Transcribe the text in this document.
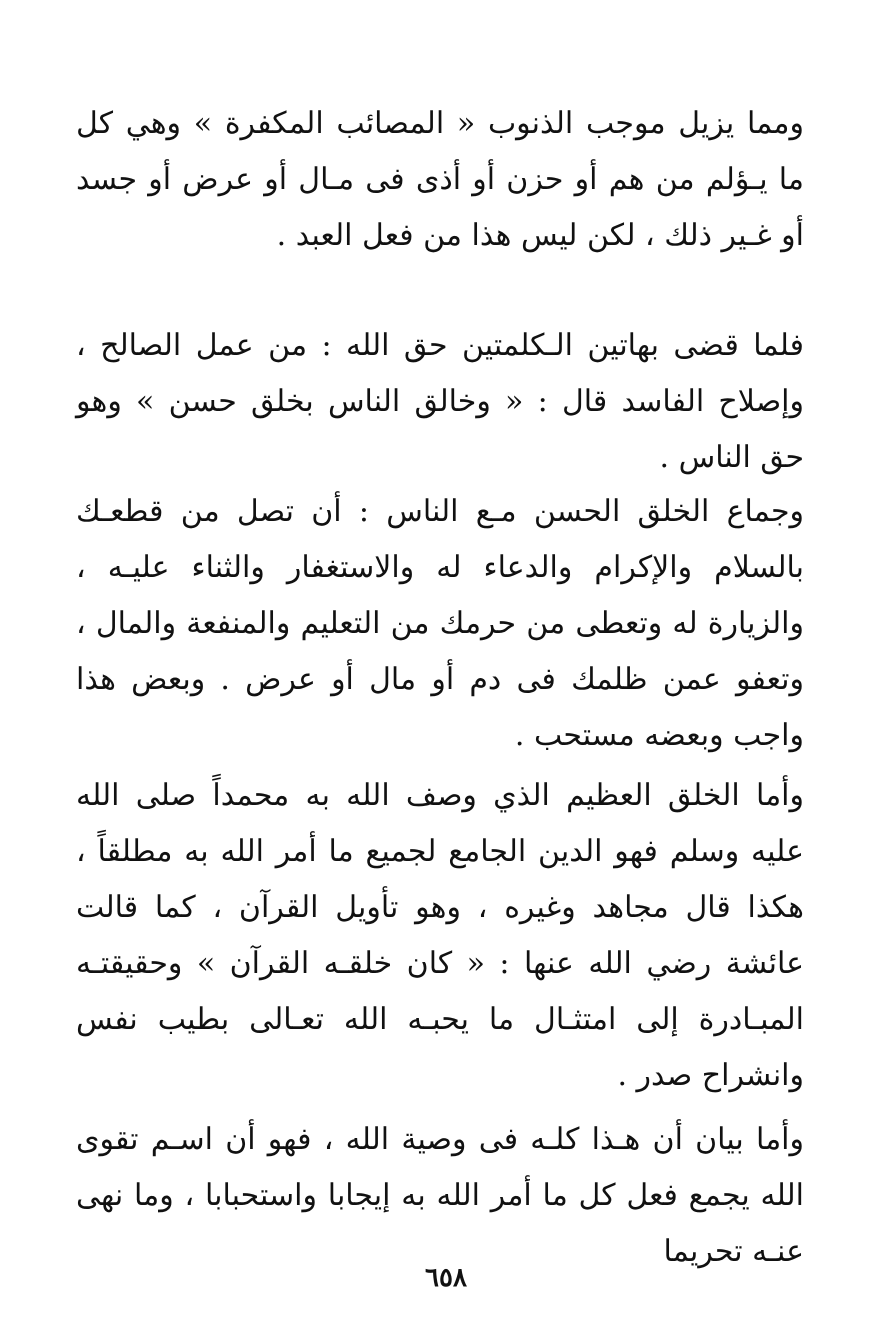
ومما يزيل موجب الذنوب « المصائب المكفرة » وهي كل ما يـؤلم من هم أو حزن أو أذى فى مـال أو عرض أو جسد أو غـير ذلك ، لكن ليس هذا من فعل العبد .

فلما قضى بهاتين الـكلمتين حق الله : من عمل الصالح ، وإصلاح الفاسد قال : « وخالق الناس بخلق حسن » وهو حق الناس .

وجماع الخلق الحسن مـع الناس : أن تصل من قطعـك بالسلام والإكرام والدعاء له والاستغفار والثناء عليـه ، والزيارة له وتعطى من حرمك من التعليم والمنفعة والمال ، وتعفو عمن ظلمك فى دم أو مال أو عرض . وبعض هذا واجب وبعضه مستحب .

وأما الخلق العظيم الذي وصف الله به محمداً صلى الله عليه وسلم فهو الدين الجامع لجميع ما أمر الله به مطلقاً ، هكذا قال مجاهد وغيره ، وهو تأويل القرآن ، كما قالت عائشة رضي الله عنها : « كان خلقـه القرآن » وحقيقتـه المبـادرة إلى امتثـال ما يحبـه الله تعـالى بطيب نفس وانشراح صدر .

وأما بيان أن هـذا كلـه فى وصية الله ، فهو أن اسـم تقوى الله يجمع فعل كل ما أمر الله به إيجابا واستحبابا ، وما نهى عنـه تحريما

٦٥٨
